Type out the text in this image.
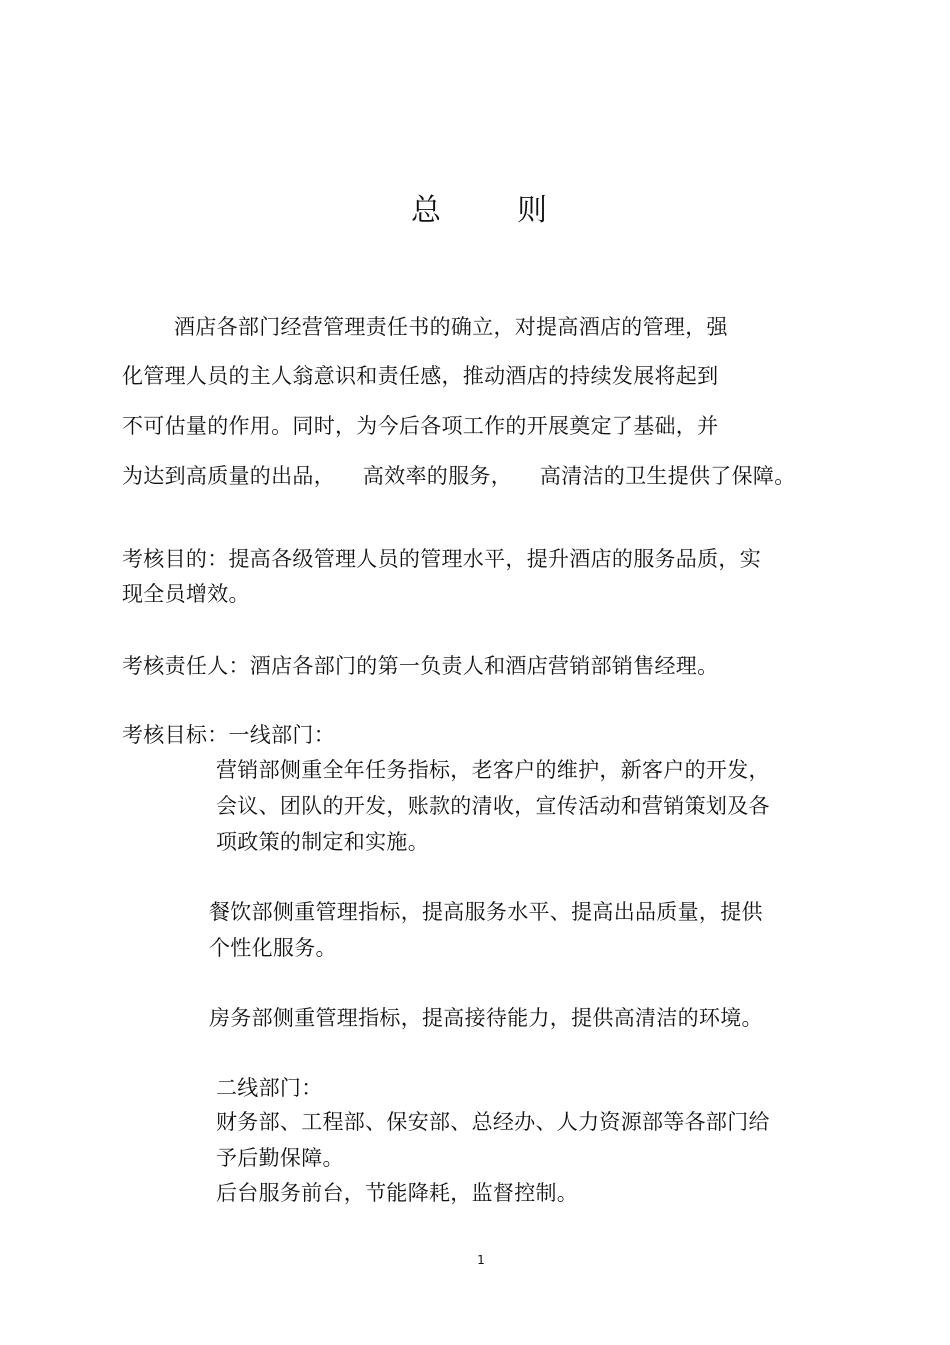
总	则
酒店各部门经营管理责任书的确立，对提高酒店的管理，强
化管理人员的主人翁意识和责任感，推动酒店的持续发展将起到
不可估量的作用。同时，为今后各项工作的开展奠定了基础，并
为达到高质量的出品，    高效率的服务，    高清洁的卫生提供了保障。
考核目的：提高各级管理人员的管理水平，提升酒店的服务品质，实
现全员增效。
考核责任人：酒店各部门的第一负责人和酒店营销部销售经理。
考核目标：一线部门：
营销部侧重全年任务指标，老客户的维护，新客户的开发，
会议、团队的开发，账款的清收，宣传活动和营销策划及各
项政策的制定和实施。
餐饮部侧重管理指标，提高服务水平、提高出品质量，提供
个性化服务。
房务部侧重管理指标，提高接待能力，提供高清洁的环境。
二线部门：
财务部、工程部、保安部、总经办、人力资源部等各部门给
予后勤保障。
后台服务前台，节能降耗，监督控制。
1
